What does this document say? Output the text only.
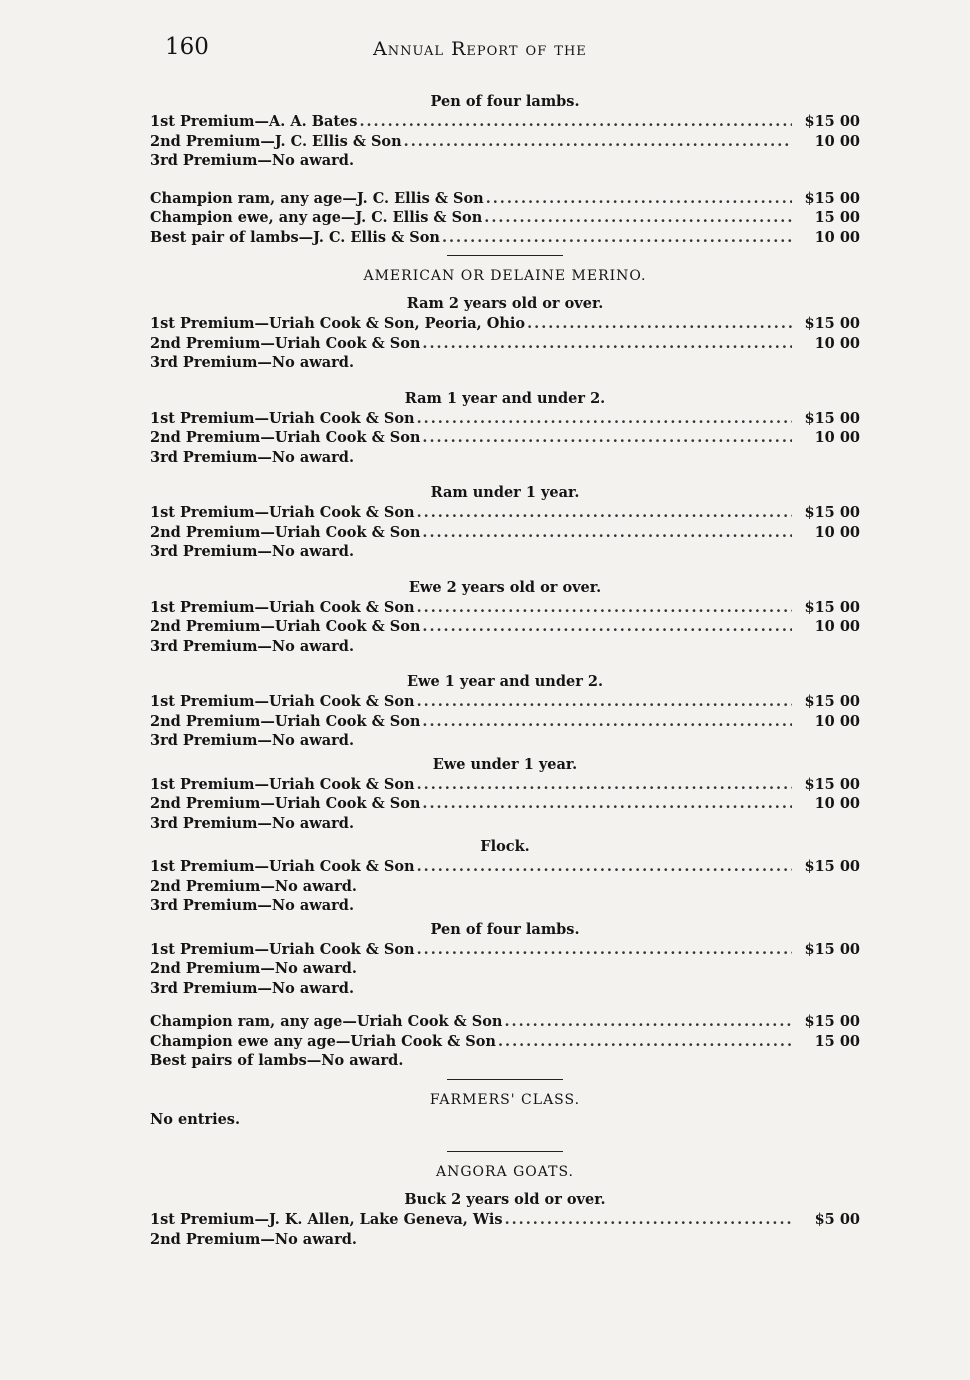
160	Annual Report of the

Pen of four lambs.

1st Premium—A. A. Bates .....	$15 00
2nd Premium—J. C. Ellis & Son .....	10 00
3rd Premium—No award.
Champion ram, any age—J. C. Ellis & Son .....	$15 00
Champion ewe, any age—J. C. Ellis & Son .....	15 00
Best pair of lambs—J. C. Ellis & Son .....	10 00

AMERICAN OR DELAINE MERINO.

Ram 2 years old or over.

1st Premium—Uriah Cook & Son, Peoria, Ohio .....	$15 00
2nd Premium—Uriah Cook & Son .....	10 00
3rd Premium—No award.

Ram 1 year and under 2.

1st Premium—Uriah Cook & Son .....	$15 00
2nd Premium—Uriah Cook & Son .....	10 00
3rd Premium—No award.

Ram under 1 year.

1st Premium—Uriah Cook & Son .....	$15 00
2nd Premium—Uriah Cook & Son .....	10 00
3rd Premium—No award.

Ewe 2 years old or over.

1st Premium—Uriah Cook & Son .....	$15 00
2nd Premium—Uriah Cook & Son .....	10 00
3rd Premium—No award.

Ewe 1 year and under 2.

1st Premium—Uriah Cook & Son .....	$15 00
2nd Premium—Uriah Cook & Son .....	10 00
3rd Premium—No award.

Ewe under 1 year.

1st Premium—Uriah Cook & Son .....	$15 00
2nd Premium—Uriah Cook & Son .....	10 00
3rd Premium—No award.

Flock.

1st Premium—Uriah Cook & Son .....	$15 00
2nd Premium—No award.
3rd Premium—No award.

Pen of four lambs.

1st Premium—Uriah Cook & Son .....	$15 00
2nd Premium—No award.
3rd Premium—No award.
Champion ram, any age—Uriah Cook & Son .....	$15 00
Champion ewe any age—Uriah Cook & Son .....	15 00
Best pairs of lambs—No award.

FARMERS' CLASS.

No entries.

ANGORA GOATS.

Buck 2 years old or over.

1st Premium—J. K. Allen, Lake Geneva, Wis .....	$5 00
2nd Premium—No award.
